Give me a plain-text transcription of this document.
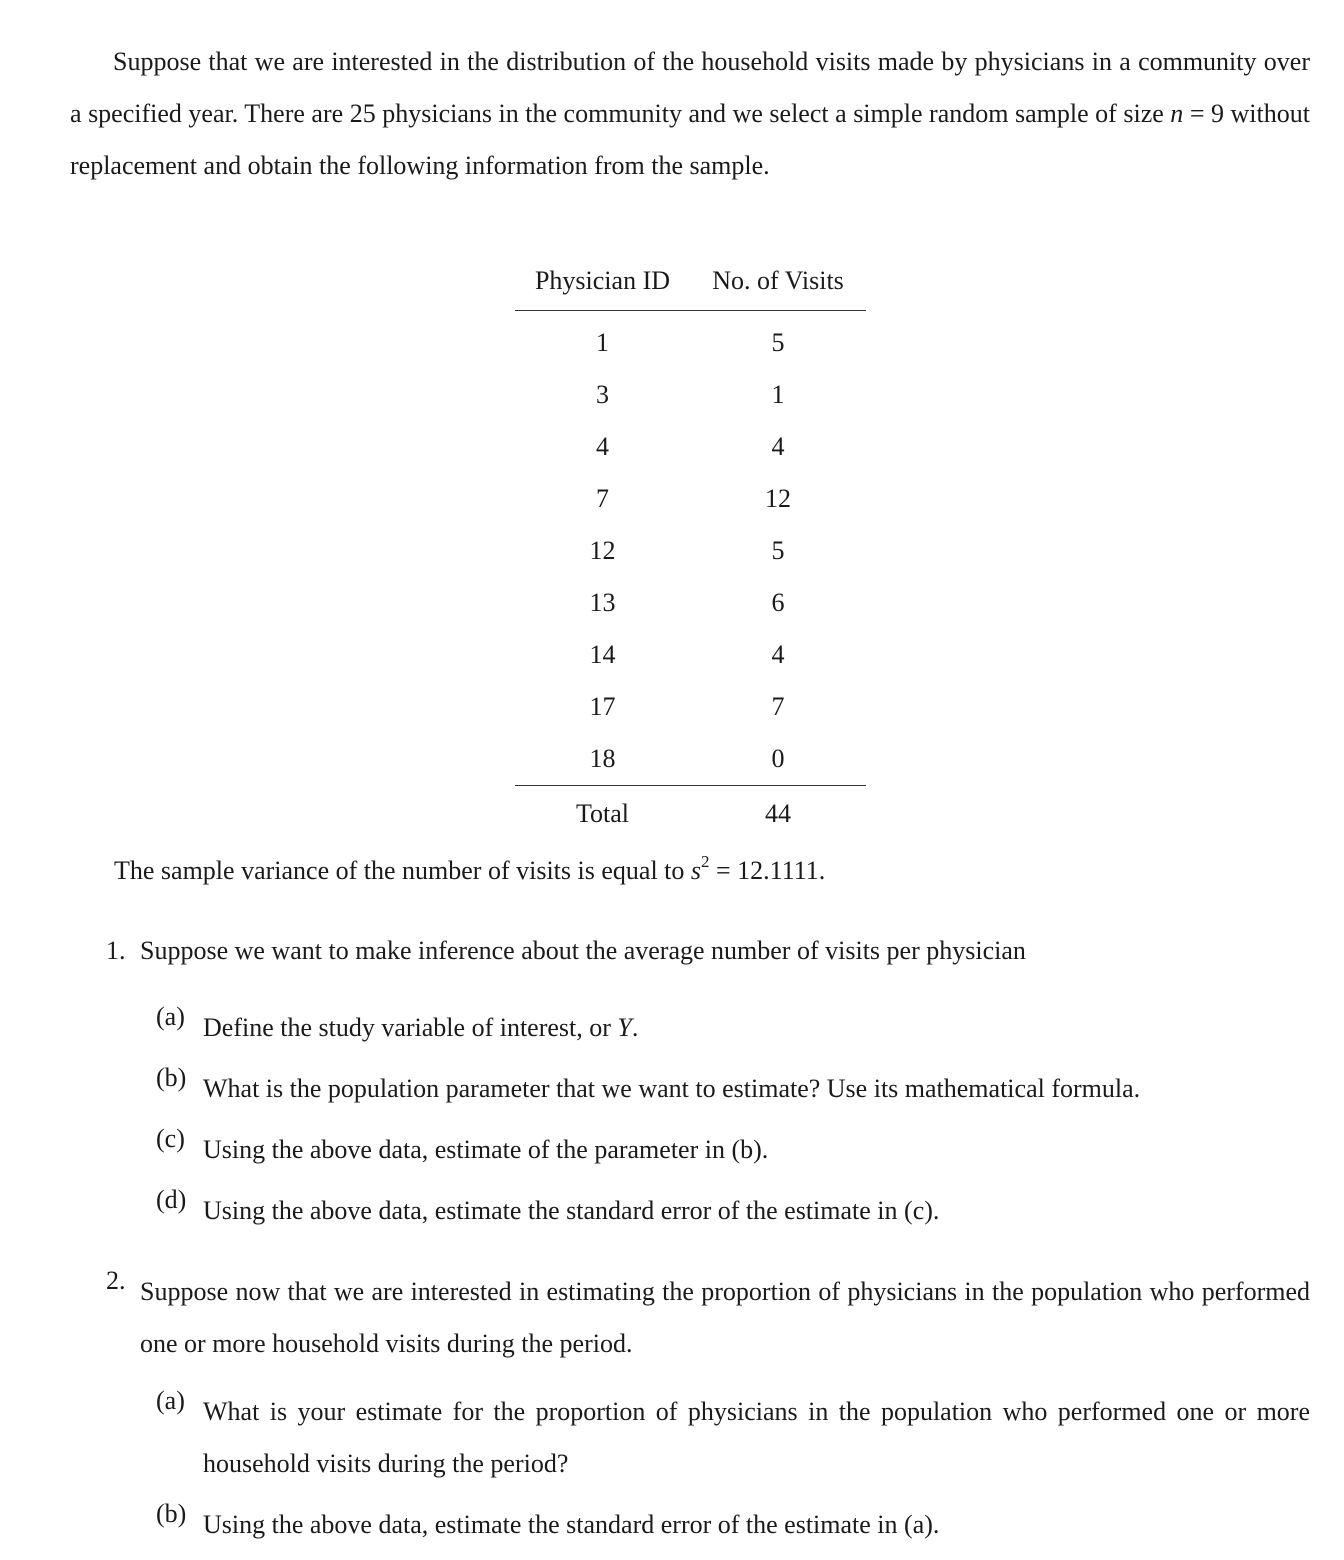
Suppose that we are interested in the distribution of the household visits made by physicians in a community over a specified year. There are 25 physicians in the community and we select a simple random sample of size n = 9 without replacement and obtain the following information from the sample.

Physician ID	No. of Visits
1	5
3	1
4	4
7	12
12	5
13	6
14	4
17	7
18	0
Total	44

The sample variance of the number of visits is equal to $s^2 = 12.1111$.

1. Suppose we want to make inference about the average number of visits per physician
(a) Define the study variable of interest, or Y.
(b) What is the population parameter that we want to estimate? Use its mathematical formula.
(c) Using the above data, estimate of the parameter in (b).
(d) Using the above data, estimate the standard error of the estimate in (c).
2. Suppose now that we are interested in estimating the proportion of physicians in the population who performed one or more household visits during the period.
(a) What is your estimate for the proportion of physicians in the population who performed one or more household visits during the period?
(b) Using the above data, estimate the standard error of the estimate in (a).
